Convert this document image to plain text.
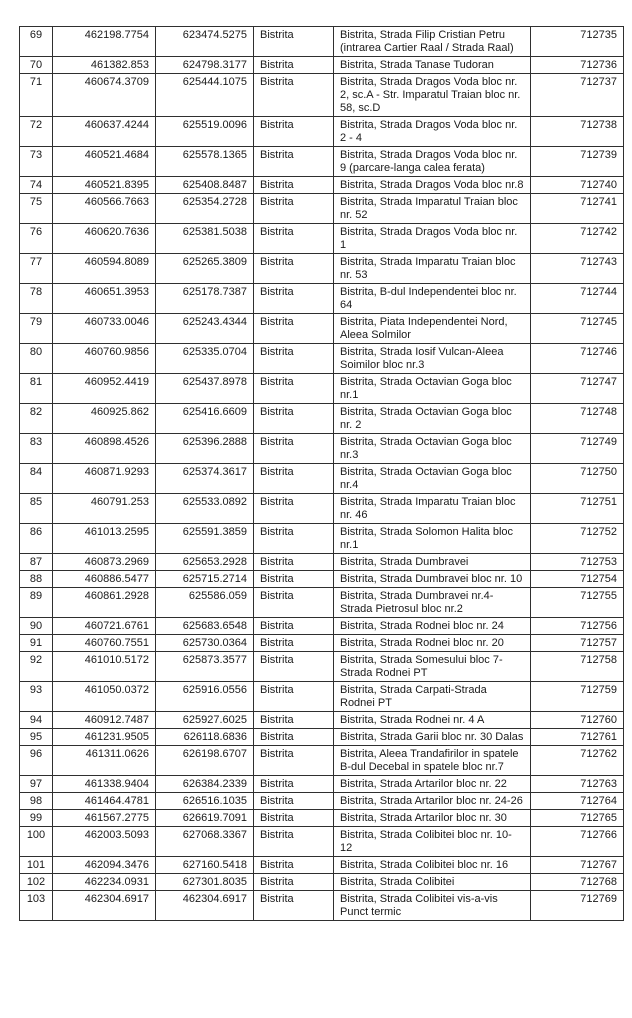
69	462198.7754	623474.5275	Bistrita	Bistrita, Strada Filip Cristian Petru (intrarea Cartier Raal / Strada Raal)	712735
70	461382.853	624798.3177	Bistrita	Bistrita, Strada Tanase Tudoran	712736
71	460674.3709	625444.1075	Bistrita	Bistrita, Strada Dragos Voda bloc nr. 2, sc.A - Str. Imparatul Traian bloc nr. 58, sc.D	712737
72	460637.4244	625519.0096	Bistrita	Bistrita, Strada Dragos Voda bloc nr. 2 - 4	712738
73	460521.4684	625578.1365	Bistrita	Bistrita, Strada Dragos Voda bloc nr. 9 (parcare-langa calea ferata)	712739
74	460521.8395	625408.8487	Bistrita	Bistrita, Strada Dragos Voda bloc nr.8	712740
75	460566.7663	625354.2728	Bistrita	Bistrita, Strada Imparatul Traian bloc nr. 52	712741
76	460620.7636	625381.5038	Bistrita	Bistrita, Strada Dragos Voda bloc nr. 1	712742
77	460594.8089	625265.3809	Bistrita	Bistrita, Strada Imparatu Traian bloc nr. 53	712743
78	460651.3953	625178.7387	Bistrita	Bistrita, B-dul Independentei bloc nr. 64	712744
79	460733.0046	625243.4344	Bistrita	Bistrita, Piata Independentei Nord, Aleea Solmilor	712745
80	460760.9856	625335.0704	Bistrita	Bistrita, Strada Iosif Vulcan-Aleea Soimilor bloc nr.3	712746
81	460952.4419	625437.8978	Bistrita	Bistrita, Strada Octavian Goga bloc nr.1	712747
82	460925.862	625416.6609	Bistrita	Bistrita, Strada Octavian Goga bloc nr. 2	712748
83	460898.4526	625396.2888	Bistrita	Bistrita, Strada Octavian Goga bloc nr.3	712749
84	460871.9293	625374.3617	Bistrita	Bistrita, Strada Octavian Goga bloc nr.4	712750
85	460791.253	625533.0892	Bistrita	Bistrita, Strada Imparatu Traian bloc nr. 46	712751
86	461013.2595	625591.3859	Bistrita	Bistrita, Strada Solomon Halita bloc nr.1	712752
87	460873.2969	625653.2928	Bistrita	Bistrita, Strada Dumbravei	712753
88	460886.5477	625715.2714	Bistrita	Bistrita, Strada Dumbravei bloc nr. 10	712754
89	460861.2928	625586.059	Bistrita	Bistrita, Strada Dumbravei nr.4-Strada Pietrosul bloc nr.2	712755
90	460721.6761	625683.6548	Bistrita	Bistrita, Strada Rodnei bloc nr. 24	712756
91	460760.7551	625730.0364	Bistrita	Bistrita, Strada Rodnei bloc nr. 20	712757
92	461010.5172	625873.3577	Bistrita	Bistrita, Strada Somesului bloc 7-Strada Rodnei PT	712758
93	461050.0372	625916.0556	Bistrita	Bistrita, Strada Carpati-Strada Rodnei PT	712759
94	460912.7487	625927.6025	Bistrita	Bistrita, Strada Rodnei nr. 4 A	712760
95	461231.9505	626118.6836	Bistrita	Bistrita, Strada Garii bloc nr. 30 Dalas	712761
96	461311.0626	626198.6707	Bistrita	Bistrita, Aleea Trandafirilor in spatele B-dul Decebal in spatele bloc nr.7	712762
97	461338.9404	626384.2339	Bistrita	Bistrita, Strada Artarilor bloc nr. 22	712763
98	461464.4781	626516.1035	Bistrita	Bistrita, Strada Artarilor bloc nr. 24-26	712764
99	461567.2775	626619.7091	Bistrita	Bistrita, Strada Artarilor bloc nr. 30	712765
100	462003.5093	627068.3367	Bistrita	Bistrita, Strada Colibitei bloc nr. 10-12	712766
101	462094.3476	627160.5418	Bistrita	Bistrita, Strada Colibitei bloc nr. 16	712767
102	462234.0931	627301.8035	Bistrita	Bistrita, Strada Colibitei	712768
103	462304.6917	462304.6917	Bistrita	Bistrita, Strada Colibitei vis-a-vis Punct termic	712769
